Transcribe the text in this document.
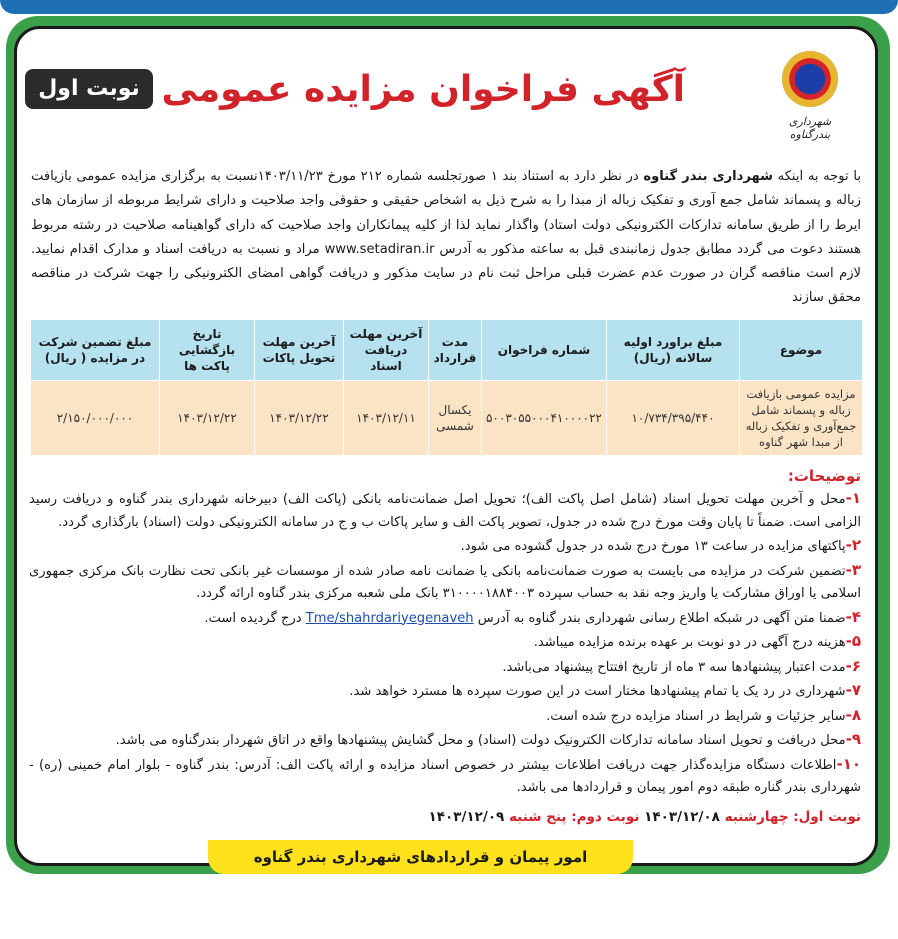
شهرداری بندرگناوه
آگهی فراخوان مزایده عمومی
نوبت اول

با توجه به اینکه شهرداری بندر گناوه در نظر دارد به استناد بند ۱ صورتجلسه شماره ۲۱۲ مورخ ۱۴۰۳/۱۱/۲۳نسبت به برگزاری مزایده عمومی بازیافت زباله و پسماند شامل جمع آوری و تفکیک زباله از مبدا را به شرح ذیل به اشخاص حقیقی و حقوقی واجد صلاحیت و دارای شرایط مربوطه از سازمان های ایرط را از طریق سامانه تدارکات الکترونیکی دولت استاد) واگذار نماید لذا از کلیه پیمانکاران واجد صلاحیت که دارای گواهینامه صلاحیت در رشته مربوط هستند دعوت می گردد مطابق جدول زمانبندی قبل به ساعته مذکور به آدرس www.setadiran.ir مراد و نسبت به دریافت اسناد و مدارک اقدام نمایید. لازم است مناقصه گران در صورت عدم عضرت قبلی مراحل ثبت نام در سایت مذکور و دریافت گواهی امضای الکترونیکی را جهت شرکت در مناقصه محقق سازند

موضوع	مبلغ براورد اولیه سالانه (ریال)	شماره فراخوان	مدت قرارداد	آخرین مهلت دریافت اسناد	آخرین مهلت تحویل پاکات	تاریخ بازگشایی پاکت ها	مبلغ تضمین شرکت در مزایده ( ریال)
مزایده عمومی بازیافت زباله و پسماند شامل جمع‌آوری و تفکیک زباله از مبدا شهر گناوه	۱۰/۷۳۴/۳۹۵/۴۴۰	۵۰۰۳۰۵۵۰۰۰۴۱۰۰۰۰۲۲	یکسال شمسی	۱۴۰۳/۱۲/۱۱	۱۴۰۳/۱۲/۲۲	۱۴۰۳/۱۲/۲۲	۲/۱۵۰/۰۰۰/۰۰۰
توضیحات:
۱-محل و آخرین مهلت تحویل اسناد (شامل اصل پاکت الف)؛ تحویل اصل ضمانت‌نامه بانکی (پاکت الف) دبیرخانه شهرداری بندر گناوه و دریافت رسید الزامی است. ضمناً تا پایان وقت مورخ درج شده در جدول، تصویر پاکت الف و سایر پاکات ب و ج در سامانه الکترونیکی دولت (اسناد) بارگذاری گردد.
۲-پاکتهای مزایده در ساعت ۱۳ مورخ درج شده در جدول گشوده می شود.
۳-تضمین شرکت در مزایده می بایست به صورت ضمانت‌نامه بانکی یا ضمانت نامه صادر شده از موسسات غیر بانکی تحت نظارت بانک مرکزی جمهوری اسلامی یا اوراق مشارکت یا واریز وجه نقد به حساب سپرده ۳۱۰۰۰۰۱۸۸۴۰۰۳ بانک ملی شعبه مرکزی بندر گناوه ارائه گردد.
۴-ضمنا متن آگهی در شبکه اطلاع رسانی شهرداری بندر گناوه به آدرس Tme/shahrdariyegenaveh درج گردیده است.
۵-هزینه درج آگهی در دو نوبت بر عهده برنده مزایده میباشد.
۶-مدت اعتبار پیشنهادها سه ۳ ماه از تاریخ افتتاح پیشنهاد می‌باشد.
۷-شهرداری در رد یک یا تمام پیشنهادها مختار است در این صورت سپرده ها مسترد خواهد شد.
۸-سایر جزئیات و شرایط در اسناد مزایده درج شده است.
۹-محل دریافت و تحویل اسناد سامانه تدارکات الکترونیک دولت (اسناد) و محل گشایش پیشنهادها واقع در اتاق شهردار بندرگناوه می باشد.
۱۰-اطلاعات دستگاه مزایده‌گذار جهت دریافت اطلاعات بیشتر در خصوص اسناد مزایده و ارائه پاکت الف: آدرس: بندر گناوه - بلوار امام خمینی (ره) - شهرداری بندر گناره طبقه دوم امور پیمان و قراردادها می باشد.
نوبت اول: چهارشنبه ۱۴۰۳/۱۲/۰۸ نوبت دوم: پنج شنبه ۱۴۰۳/۱۲/۰۹
امور پیمان و قراردادهای شهرداری بندر گناوه
